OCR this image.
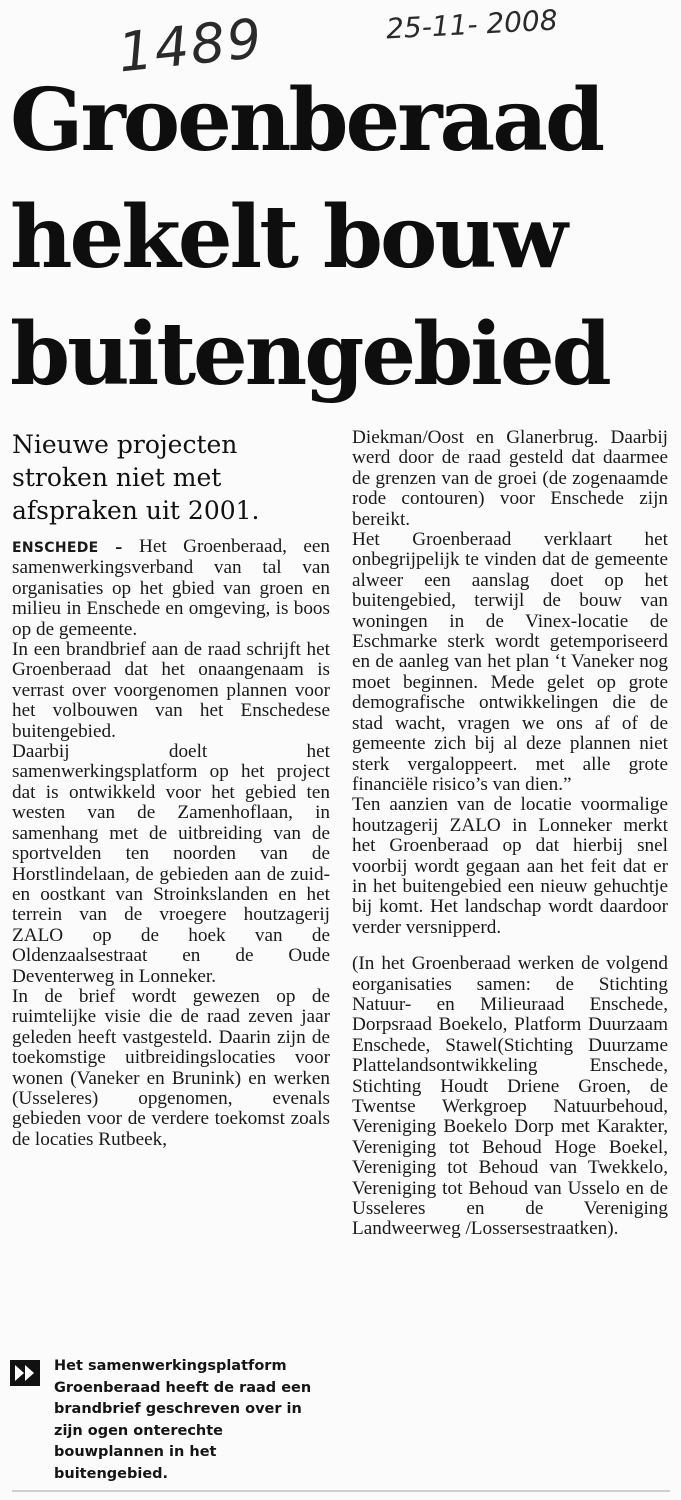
1489	25-11- 2008
Groenberaad
hekelt bouw
buitengebied
Nieuwe projecten
stroken niet met
afspraken uit 2001.

ENSCHEDE – Het Groenberaad, een samenwerkingsverband van tal van organisaties op het gbied van groen en milieu in Enschede en omgeving, is boos op de gemeente.

In een brandbrief aan de raad schrijft het Groenberaad dat het onaangenaam is verrast over voorgenomen plannen voor het volbouwen van het Enschedese buitengebied.

Daarbij doelt het samenwerkingsplatform op het project dat is ontwikkeld voor het gebied ten westen van de Zamenhoflaan, in samenhang met de uitbreiding van de sportvelden ten noorden van de Horstlindelaan, de gebieden aan de zuid- en oostkant van Stroinkslanden en het terrein van de vroegere houtzagerij ZALO op de hoek van de Oldenzaalsestraat en de Oude Deventerweg in Lonneker.

In de brief wordt gewezen op de ruimtelijke visie die de raad zeven jaar geleden heeft vastgesteld. Daarin zijn de toekomstige uitbreidingslocaties voor wonen (Vaneker en Brunink) en werken (Usseleres) opgenomen, evenals gebieden voor de verdere toekomst zoals de locaties Rutbeek,

Diekman/Oost en Glanerbrug. Daarbij werd door de raad gesteld dat daarmee de grenzen van de groei (de zogenaamde rode contouren) voor Enschede zijn bereikt.

Het Groenberaad verklaart het onbegrijpelijk te vinden dat de gemeente alweer een aanslag doet op het buitengebied, terwijl de bouw van woningen in de Vinex-locatie de Eschmarke sterk wordt getemporiseerd en de aanleg van het plan ‘t Vaneker nog moet beginnen. Mede gelet op grote demografische ontwikkelingen die de stad wacht, vragen we ons af of de gemeente zich bij al deze plannen niet sterk vergaloppeert. met alle grote financiële risico’s van dien.”

Ten aanzien van de locatie voormalige houtzagerij ZALO in Lonneker merkt het Groenberaad op dat hierbij snel voorbij wordt gegaan aan het feit dat er in het buitengebied een nieuw gehuchtje bij komt. Het landschap wordt daardoor verder versnipperd.

(In het Groenberaad werken de volgend eorganisaties samen: de Stichting Natuur- en Milieuraad Enschede, Dorpsraad Boekelo, Platform Duurzaam Enschede, Stawel(Stichting Duurzame Plattelandsontwikkeling Enschede, Stichting Houdt Driene Groen, de Twentse Werkgroep Natuurbehoud, Vereniging Boekelo Dorp met Karakter, Vereniging tot Behoud Hoge Boekel, Vereniging tot Behoud van Twekkelo, Vereniging tot Behoud van Usselo en de Usseleres en de Vereniging Landweerweg /Lossersestraatken).

Het samenwerkingsplatform Groenberaad heeft de raad een brandbrief geschreven over in zijn ogen onterechte bouwplannen in het buitengebied.
